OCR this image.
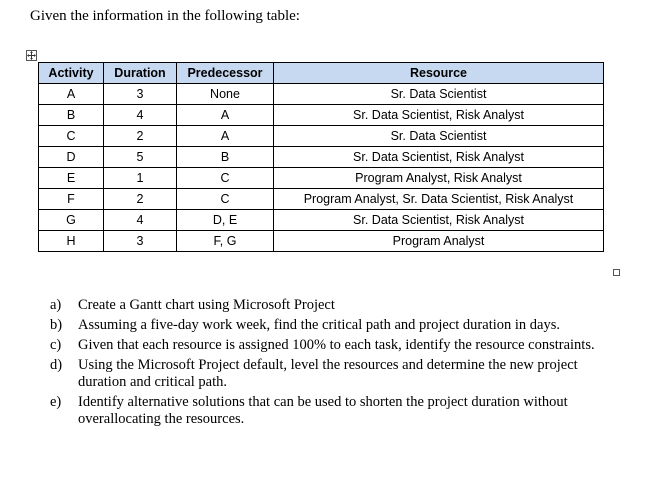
Given the information in the following table:
Activity	Duration	Predecessor	Resource
A	3	None	Sr. Data Scientist
B	4	A	Sr. Data Scientist, Risk Analyst
C	2	A	Sr. Data Scientist
D	5	B	Sr. Data Scientist, Risk Analyst
E	1	C	Program Analyst, Risk Analyst
F	2	C	Program Analyst, Sr. Data Scientist, Risk Analyst
G	4	D, E	Sr. Data Scientist, Risk Analyst
H	3	F, G	Program Analyst
a) Create a Gantt chart using Microsoft Project
b) Assuming a five-day work week, find the critical path and project duration in days.
c) Given that each resource is assigned 100% to each task, identify the resource constraints.
d) Using the Microsoft Project default, level the resources and determine the new project duration and critical path.
e) Identify alternative solutions that can be used to shorten the project duration without overallocating the resources.
